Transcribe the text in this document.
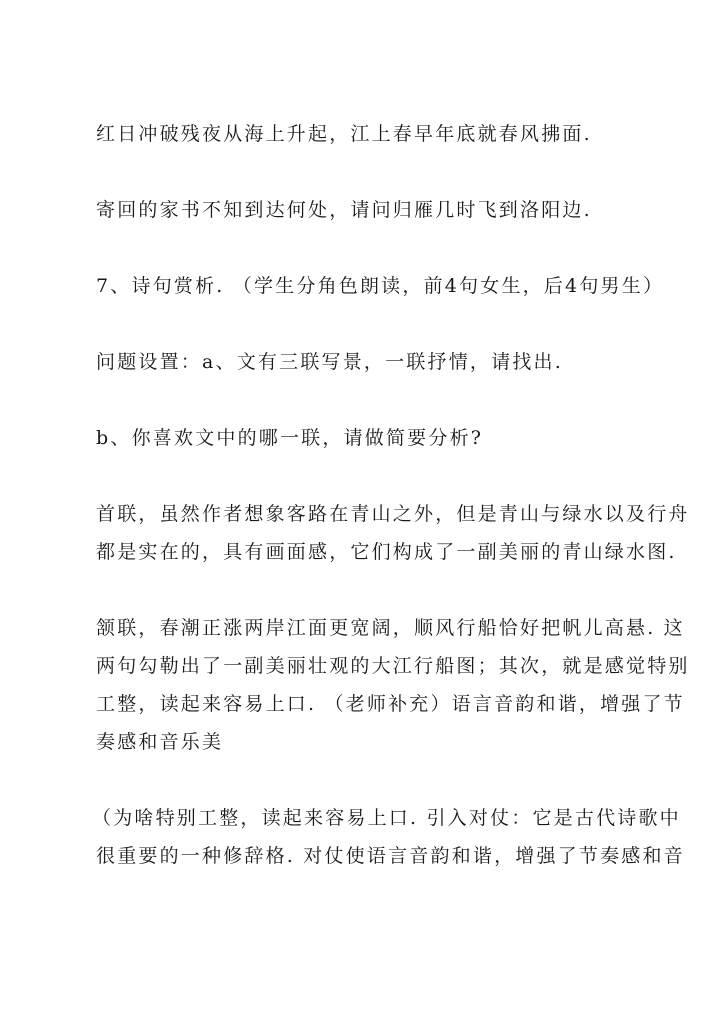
红日冲破残夜从海上升起，江上春早年底就春风拂面.

寄回的家书不知到达何处，请问归雁几时飞到洛阳边.

7、诗句赏析. （学生分角色朗读，前4句女生，后4句男生）

问题设置：a、文有三联写景，一联抒情，请找出.

b、你喜欢文中的哪一联，请做简要分析?

首联，虽然作者想象客路在青山之外，但是青山与绿水以及行舟

都是实在的，具有画面感，它们构成了一副美丽的青山绿水图.

颔联，春潮正涨两岸江面更宽阔，顺风行船恰好把帆儿高悬. 这

两句勾勒出了一副美丽壮观的大江行船图；其次，就是感觉特别

工整，读起来容易上口. （老师补充）语言音韵和谐，增强了节

奏感和音乐美

（为啥特别工整，读起来容易上口. 引入对仗：它是古代诗歌中

很重要的一种修辞格. 对仗使语言音韵和谐，增强了节奏感和音
